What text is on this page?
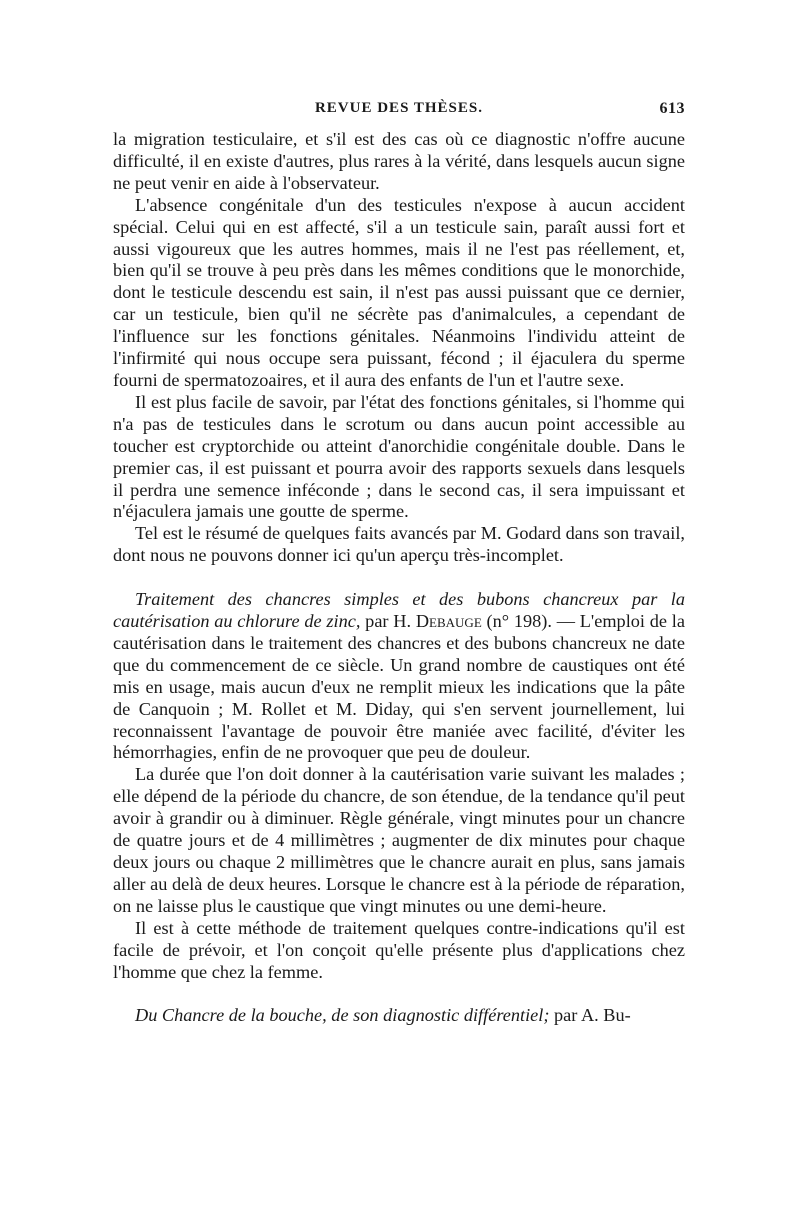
REVUE DES THÈSES.	613

la migration testiculaire, et s'il est des cas où ce diagnostic n'offre aucune difficulté, il en existe d'autres, plus rares à la vérité, dans lesquels aucun signe ne peut venir en aide à l'observateur.

L'absence congénitale d'un des testicules n'expose à aucun accident spécial. Celui qui en est affecté, s'il a un testicule sain, paraît aussi fort et aussi vigoureux que les autres hommes, mais il ne l'est pas réellement, et, bien qu'il se trouve à peu près dans les mêmes conditions que le monorchide, dont le testicule descendu est sain, il n'est pas aussi puissant que ce dernier, car un testicule, bien qu'il ne sécrète pas d'animalcules, a cependant de l'influence sur les fonctions génitales. Néanmoins l'individu atteint de l'infirmité qui nous occupe sera puissant, fécond ; il éjaculera du sperme fourni de spermatozoaires, et il aura des enfants de l'un et l'autre sexe.

Il est plus facile de savoir, par l'état des fonctions génitales, si l'homme qui n'a pas de testicules dans le scrotum ou dans aucun point accessible au toucher est cryptorchide ou atteint d'anorchidie congénitale double. Dans le premier cas, il est puissant et pourra avoir des rapports sexuels dans lesquels il perdra une semence inféconde ; dans le second cas, il sera impuissant et n'éjaculera jamais une goutte de sperme.

Tel est le résumé de quelques faits avancés par M. Godard dans son travail, dont nous ne pouvons donner ici qu'un aperçu très-incomplet.

Traitement des chancres simples et des bubons chancreux par la cautérisation au chlorure de zinc, par H. Debauge (n° 198). — L'emploi de la cautérisation dans le traitement des chancres et des bubons chancreux ne date que du commencement de ce siècle. Un grand nombre de caustiques ont été mis en usage, mais aucun d'eux ne remplit mieux les indications que la pâte de Canquoin ; M. Rollet et M. Diday, qui s'en servent journellement, lui reconnaissent l'avantage de pouvoir être maniée avec facilité, d'éviter les hémorrhagies, enfin de ne provoquer que peu de douleur.

La durée que l'on doit donner à la cautérisation varie suivant les malades ; elle dépend de la période du chancre, de son étendue, de la tendance qu'il peut avoir à grandir ou à diminuer. Règle générale, vingt minutes pour un chancre de quatre jours et de 4 millimètres ; augmenter de dix minutes pour chaque deux jours ou chaque 2 millimètres que le chancre aurait en plus, sans jamais aller au delà de deux heures. Lorsque le chancre est à la période de réparation, on ne laisse plus le caustique que vingt minutes ou une demi-heure.

Il est à cette méthode de traitement quelques contre-indications qu'il est facile de prévoir, et l'on conçoit qu'elle présente plus d'applications chez l'homme que chez la femme.

Du Chancre de la bouche, de son diagnostic différentiel; par A. Bu-
